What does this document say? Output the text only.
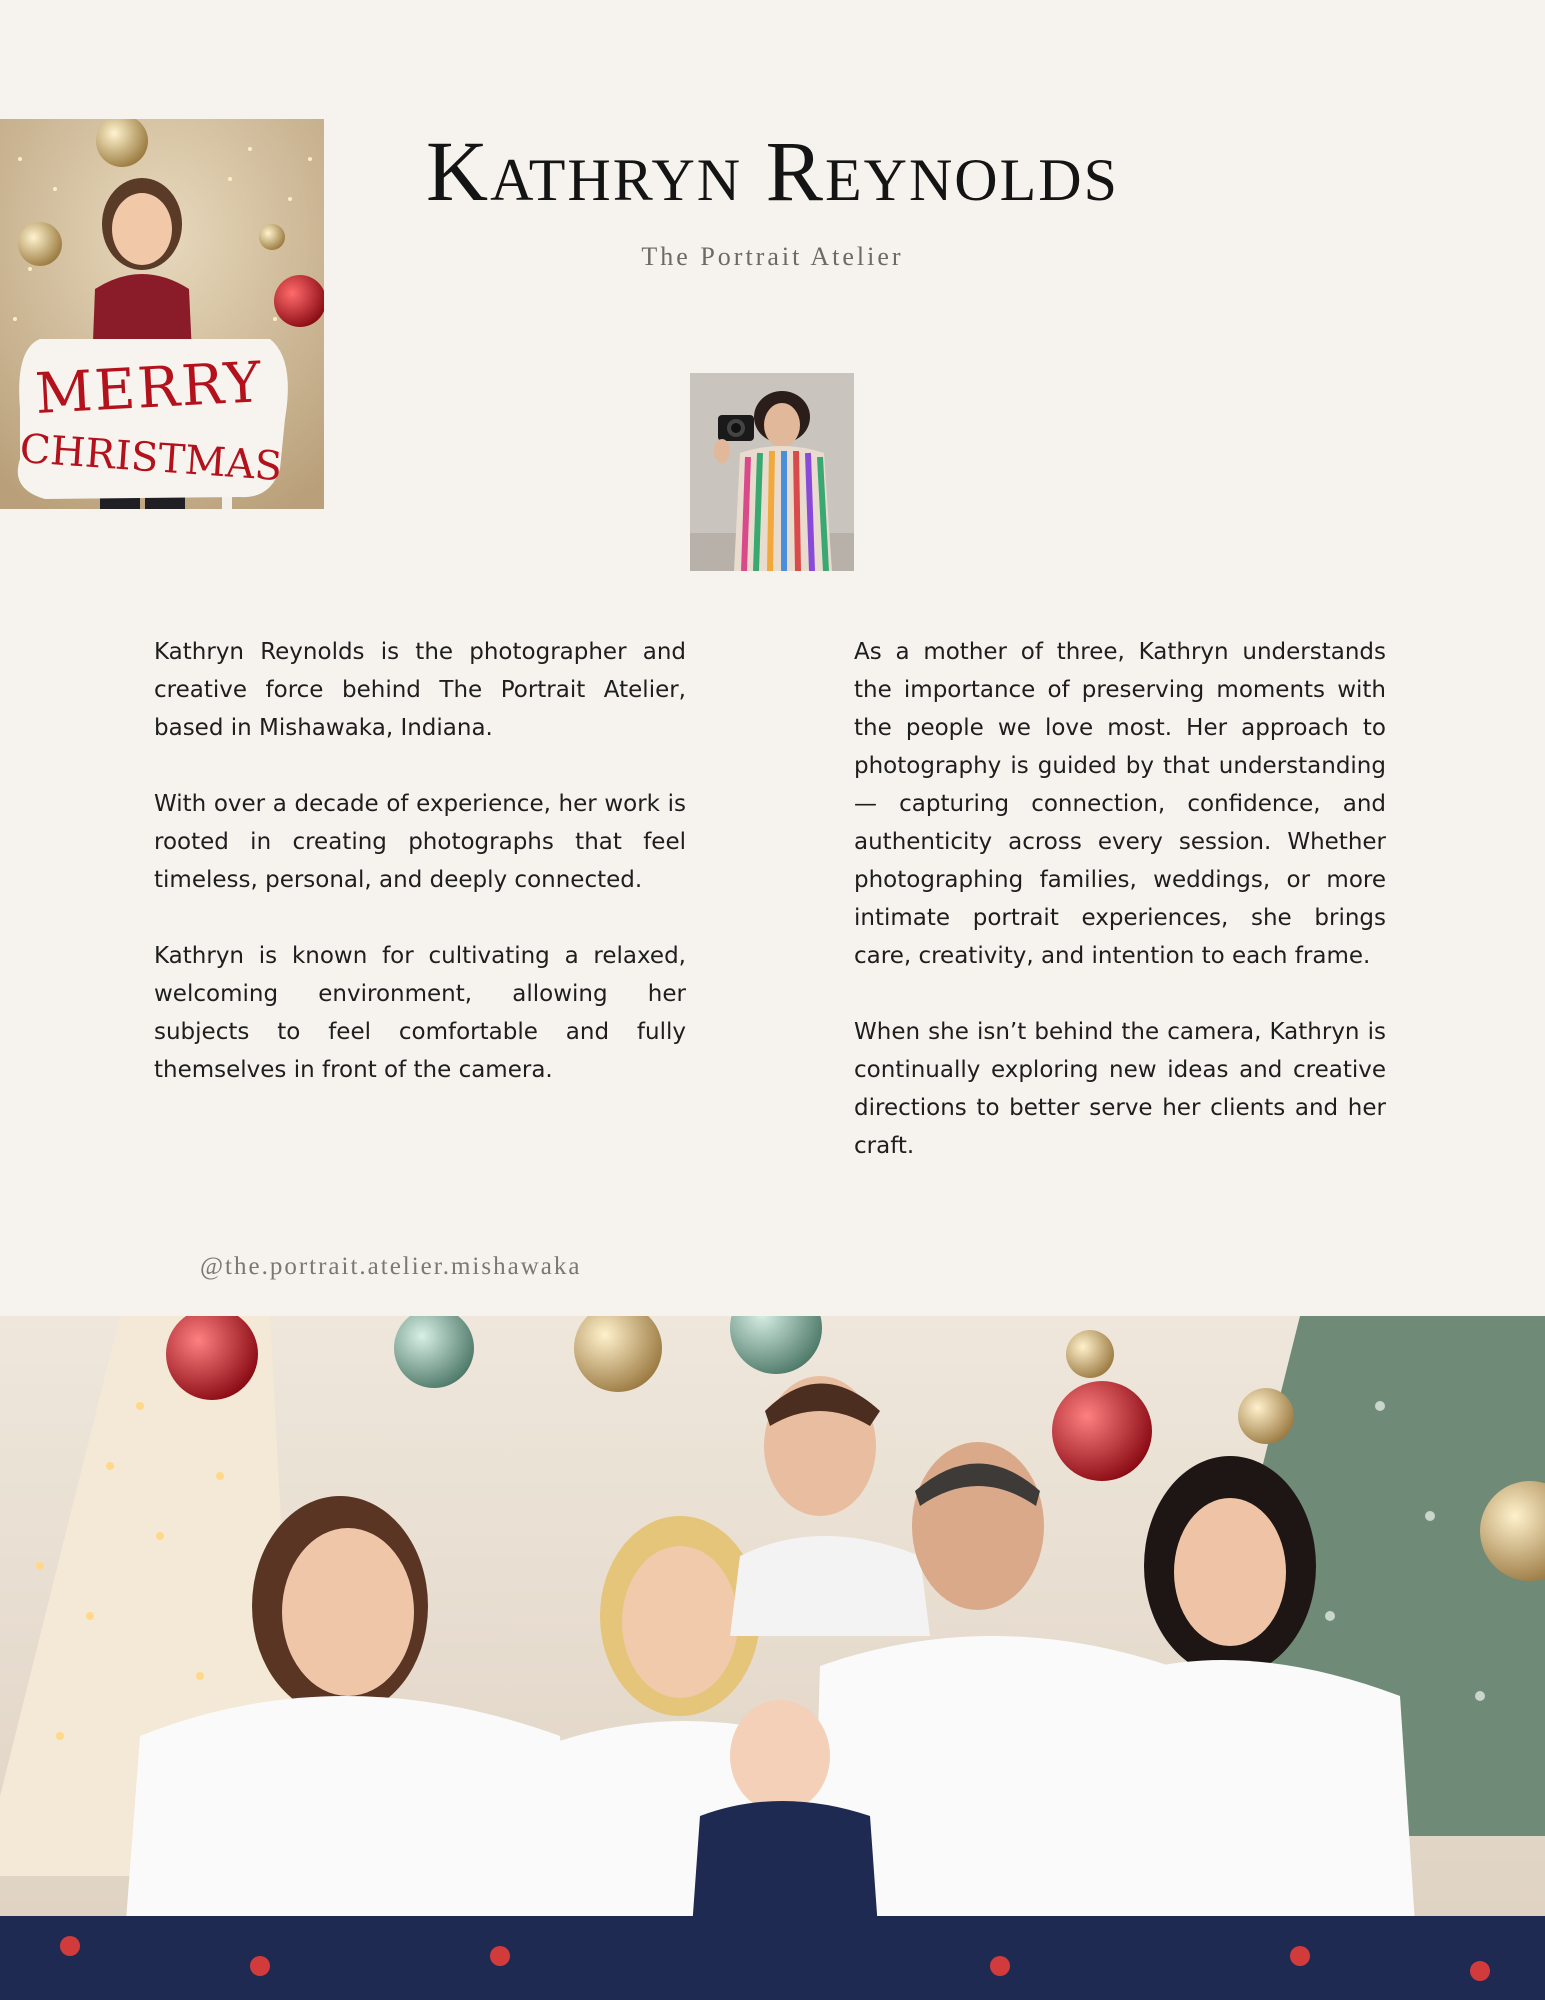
Kathryn Reynolds
The Portrait Atelier
MERRY
CHRISTMAS

Kathryn Reynolds is the photographer and creative force behind The Portrait Atelier, based in Mishawaka, Indiana.

With over a decade of experience, her work is rooted in creating photographs that feel timeless, personal, and deeply connected.

Kathryn is known for cultivating a relaxed, welcoming environment, allowing her subjects to feel comfortable and fully themselves in front of the camera.

As a mother of three, Kathryn understands the importance of preserving moments with the people we love most. Her approach to photography is guided by that understanding — capturing connection, confidence, and authenticity across every session. Whether photographing families, weddings, or more intimate portrait experiences, she brings care, creativity, and intention to each frame.

When she isn’t behind the camera, Kathryn is continually exploring new ideas and creative directions to better serve her clients and her craft.

@the.portrait.atelier.mishawaka
